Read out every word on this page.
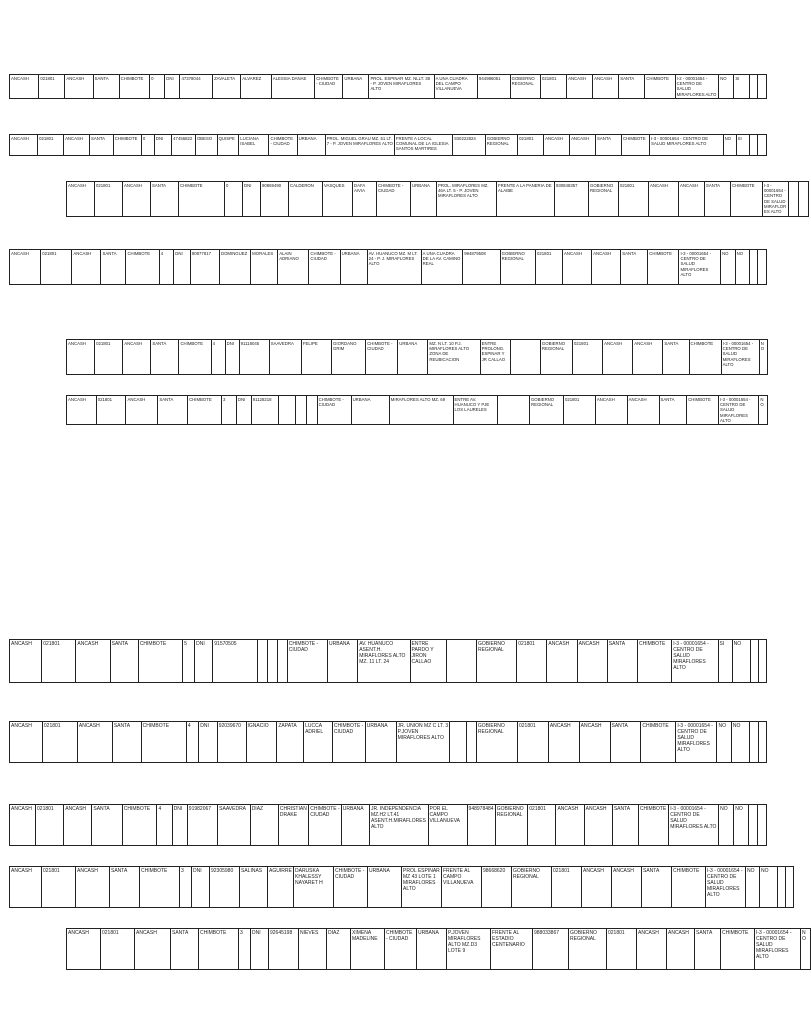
ANCASH	021801	ANCASH	SANTA	CHIMBOTE	0	DNI	47378044	ZAVALETA	ALVAREZ	ALESSIA DANAE	CHIMBOTE - CIUDAD	URBANA	PROL. ESPINAR MZ. NLLT. 38 - P. JOVEN MIRAFLORES ALTO	A UNA CUADRA DEL CAMPO VILLANUEVA	944986051	GOBIERNO REGIONAL	021801	ANCASH	ANCASH	SANTA	CHIMBOTE	I-2 - 00001654 - CENTRO DE SALUD MIRAFLORES ALTO	NO	SI		
ANCASH	021801	ANCASH	SANTA	CHIMBOTE	0	DNI	47456822	OBESO	QUISPE	LUCIANA ISABEL	CHIMBOTE - CIUDAD	URBANA	PROL. MIGUEL GRAU MZ. 51 LT. 7 - P. JOVEN MIRAFLORES ALTO	FRENTE A LOCAL COMUNAL DE LA IGLESIA SANTOS MARTIRES	930222824	GOBIERNO REGIONAL	021801	ANCASH	ANCASH	SANTA	CHIMBOTE	I-3 - 00001654 - CENTRO DE SALUD MIRAFLORES ALTO	NO	SI		
ANCASH	021801	ANCASH	SANTA	CHIMBOTE	0	DNI	90869490	CALDERON	VASQUES	DAFA AIVIA	CHIMBOTE - CIUDAD	URBANA	PROL. MIRAFLORES MZ. 46A LT. 5 - P. JOVEN MIRAFLORES ALTO	FRENTE A LA PANERIA DE ALAIBE	930848357	GOBIERNO REGIONAL	021801	ANCASH	ANCASH	SANTA	CHIMBOTE	I-3 - 00001654 - CENTRO DE SALUD MIRAFLORES ALTO		
ANCASH	021801	ANCASH	SANTA	CHIMBOTE	4	DNI	90877817	DOMINGUEZ	MORALES	ALAIN ADRIANO	CHIMBOTE - CIUDAD	URBANA	AV. HUANUCO MZ. M LT. 24 - P. J. MIRAFLORES ALTO	A UNA CUADRA DE LA AV. CAMINO REAL	994879508	GOBIERNO REGIONAL	021801	ANCASH	ANCASH	SANTA	CHIMBOTE	I-3 - 00001654 - CENTRO DE SALUD MIRAFLORES ALTO	NO	NO		
ANCASH	021801	ANCASH	SANTA	CHIMBOTE	4	DNI	91118045	SAAVEDRA	FELIPE	GIORDANO GRIM	CHIMBOTE - CIUDAD	URBANA	MZ. N LT. 10 P.J. MIRAFLORES ALTO ZONA DE REUBICACION	ENTRE PROLONG. ESPINAR Y JR CALLAO		GOBIERNO REGIONAL	021801	ANCASH	ANCASH	SANTA	CHIMBOTE	I-3 - 00001654 - CENTRO DE SALUD MIRAFLORES ALTO	NO
ANCASH	021801	ANCASH	SANTA	CHIMBOTE	3	DNI	91128218				CHIMBOTE - CIUDAD	URBANA	MIRAFLORES ALTO MZ. 69	ENTRE AV. HUANUCO Y PJE LOS LAURELES		GOBIERNO REGIONAL	021801	ANCASH	ANCASH	SANTA	CHIMBOTE	I-3 - 00001654 - CENTRO DE SALUD MIRAFLORES ALTO	NO
ANCASH	021801	ANCASH	SANTA	CHIMBOTE	5	DNI	91570505				CHIMBOTE - CIUDAD	URBANA	AV. HUANUCO ASENT.H. MIRAFLORES ALTO MZ. 11 LT. 24	ENTRE PARDO Y JIRON CALLAO		GOBIERNO REGIONAL	021801	ANCASH	ANCASH	SANTA	CHIMBOTE	I-3 - 00001654 - CENTRO DE SALUD MIRAFLORES ALTO	SI	NO		
ANCASH	021801	ANCASH	SANTA	CHIMBOTE	4	DNI	92039670	IGNACIO	ZAPATA	LUCCA ADRIEL	CHIMBOTE - CIUDAD	URBANA	JR. UNION MZ C LT. 3 P.JOVEN MIRAFLORES ALTO			GOBIERNO REGIONAL	021801	ANCASH	ANCASH	SANTA	CHIMBOTE	I-3 - 00001654 - CENTRO DE SALUD MIRAFLORES ALTO	NO	NO		
ANCASH	021801	ANCASH	SANTA	CHIMBOTE	4	DNI	91982067	SAAVEDRA	DIAZ	CHRISTIAN DRAKE	CHIMBOTE - CIUDAD	URBANA	JR. INDEPENDENCIA MZ.H2 LT.41 ASENT.H.MIRAFLORES ALTO	POR EL CAMPO VILLANUEVA	948978484	GOBIERNO REGIONAL	021801	ANCASH	ANCASH	SANTA	CHIMBOTE	I-3 - 00001654 - CENTRO DE SALUD MIRAFLORES ALTO	NO	NO		
ANCASH	021801	ANCASH	SANTA	CHIMBOTE	3	DNI	92305980	SALINAS	AGUIRRE	DARUSKA KHALESSY NAYARET H	CHIMBOTE - CIUDAD	URBANA	PROL ESPINAR MZ 43 LOTE 1 MIRAFLORES ALTO	FRENTE AL CAMPO VILLANUEVA	98668620	GOBIERNO REGIONAL	021801	ANCASH	ANCASH	SANTA	CHIMBOTE	I-3 - 00001654 - CENTRO DE SALUD MIRAFLORES ALTO	NO	NO		
ANCASH	021801	ANCASH	SANTA	CHIMBOTE	3	DNI	92645198	NIEVES	DIAZ	XIMENA MADELINE	CHIMBOTE - CIUDAD	URBANA	P.JOVEN MIRAFLORES ALTO MZ.D3 LOTE 9	FRENTE AL ESTADIO CENTENARIO	988033867	GOBIERNO REGIONAL	021801	ANCASH	ANCASH	SANTA	CHIMBOTE	I-3 - 00001654 - CENTRO DE SALUD MIRAFLORES ALTO	NO
